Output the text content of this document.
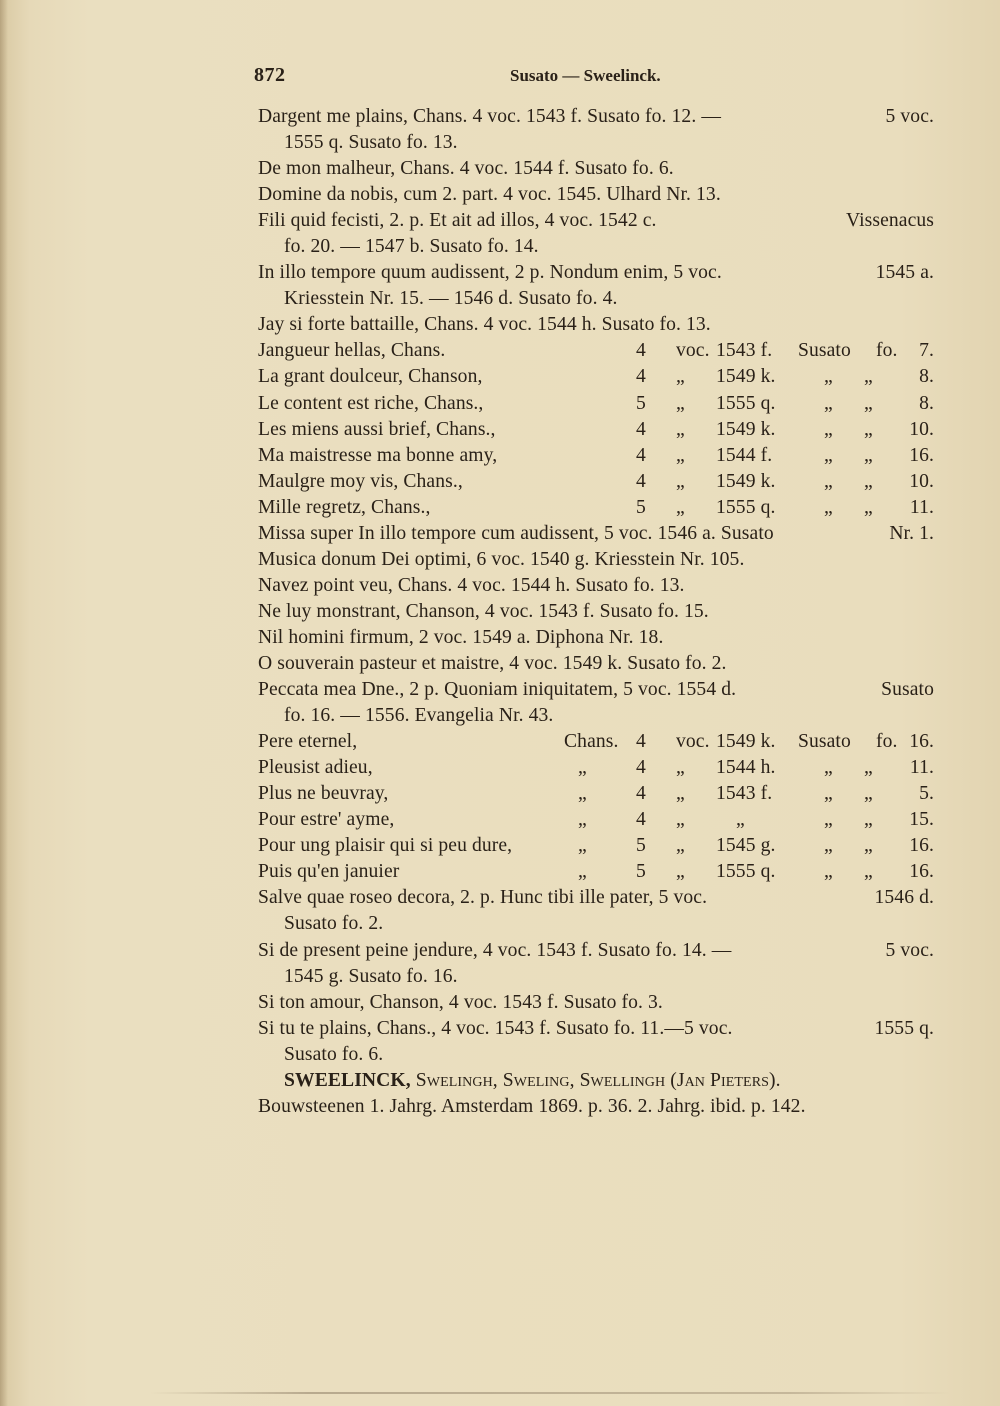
872	Susato — Sweelinck.
Dargent me plains, Chans. 4 voc. 1543 f. Susato fo. 12. —	5 voc.
1555 q. Susato fo. 13.
De mon malheur, Chans. 4 voc. 1544 f. Susato fo. 6.
Domine da nobis, cum 2. part. 4 voc. 1545. Ulhard Nr. 13.
Fili quid fecisti, 2. p. Et ait ad illos, 4 voc. 1542 c.	Vissenacus
fo. 20. — 1547 b. Susato fo. 14.
In illo tempore quum audissent, 2 p. Nondum enim, 5 voc.	1545 a.
Kriesstein Nr. 15. — 1546 d. Susato fo. 4.
Jay si forte battaille, Chans. 4 voc. 1544 h. Susato fo. 13.
Jangueur hellas, Chans.	4 voc. 1543 f. Susato fo. 7.
La grant doulceur, Chanson,	4 „ 1549 k. „ „ 8.
Le content est riche, Chans.,	5 „ 1555 q. „ „ 8.
Les miens aussi brief, Chans.,	4 „ 1549 k. „ „ 10.
Ma maistresse ma bonne amy,	4 „ 1544 f.	„ „ 16.
Maulgre moy vis, Chans.,	4 „ 1549 k. „ „ 10.
Mille regretz, Chans.,	5 „ 1555 q. „ „ 11.
Missa super In illo tempore cum audissent, 5 voc. 1546 a. Susato	Nr. 1.
Musica donum Dei optimi, 6 voc. 1540 g. Kriesstein Nr. 105.
Navez point veu, Chans. 4 voc. 1544 h. Susato fo. 13.
Ne luy monstrant, Chanson, 4 voc. 1543 f. Susato fo. 15.
Nil homini firmum, 2 voc. 1549 a. Diphona Nr. 18.
O souverain pasteur et maistre, 4 voc. 1549 k. Susato fo. 2.
Peccata mea Dne., 2 p. Quoniam iniquitatem, 5 voc. 1554 d.	Susato
fo. 16. — 1556. Evangelia Nr. 43.
Pere eternel,	Chans. 4 voc. 1549 k. Susato fo. 16.
Pleusist adieu,	„	4 „ 1544 h. „ „ 11.
Plus ne beuvray,	„	4 „ 1543 f.	„ „ 5.
Pour estre' ayme,	„	4 „	„	„ „ 15.
Pour ung plaisir qui si peu dure,	„	5 „ 1545 g. „ „ 16.
Puis qu'en januier	„	5 „ 1555 q. „ „ 16.
Salve quae roseo decora, 2. p. Hunc tibi ille pater, 5 voc.	1546 d.
Susato fo. 2.
Si de present peine jendure, 4 voc. 1543 f. Susato fo. 14. —	5 voc.
1545 g. Susato fo. 16.
Si ton amour, Chanson, 4 voc. 1543 f. Susato fo. 3.
Si tu te plains, Chans., 4 voc. 1543 f. Susato fo. 11.—5 voc.	1555 q.
Susato fo. 6.
SWEELINCK, Swelingh, Sweling, Swellingh (Jan Pieters).
Bouwsteenen 1. Jahrg. Amsterdam 1869. p. 36. 2. Jahrg. ibid. p. 142.
